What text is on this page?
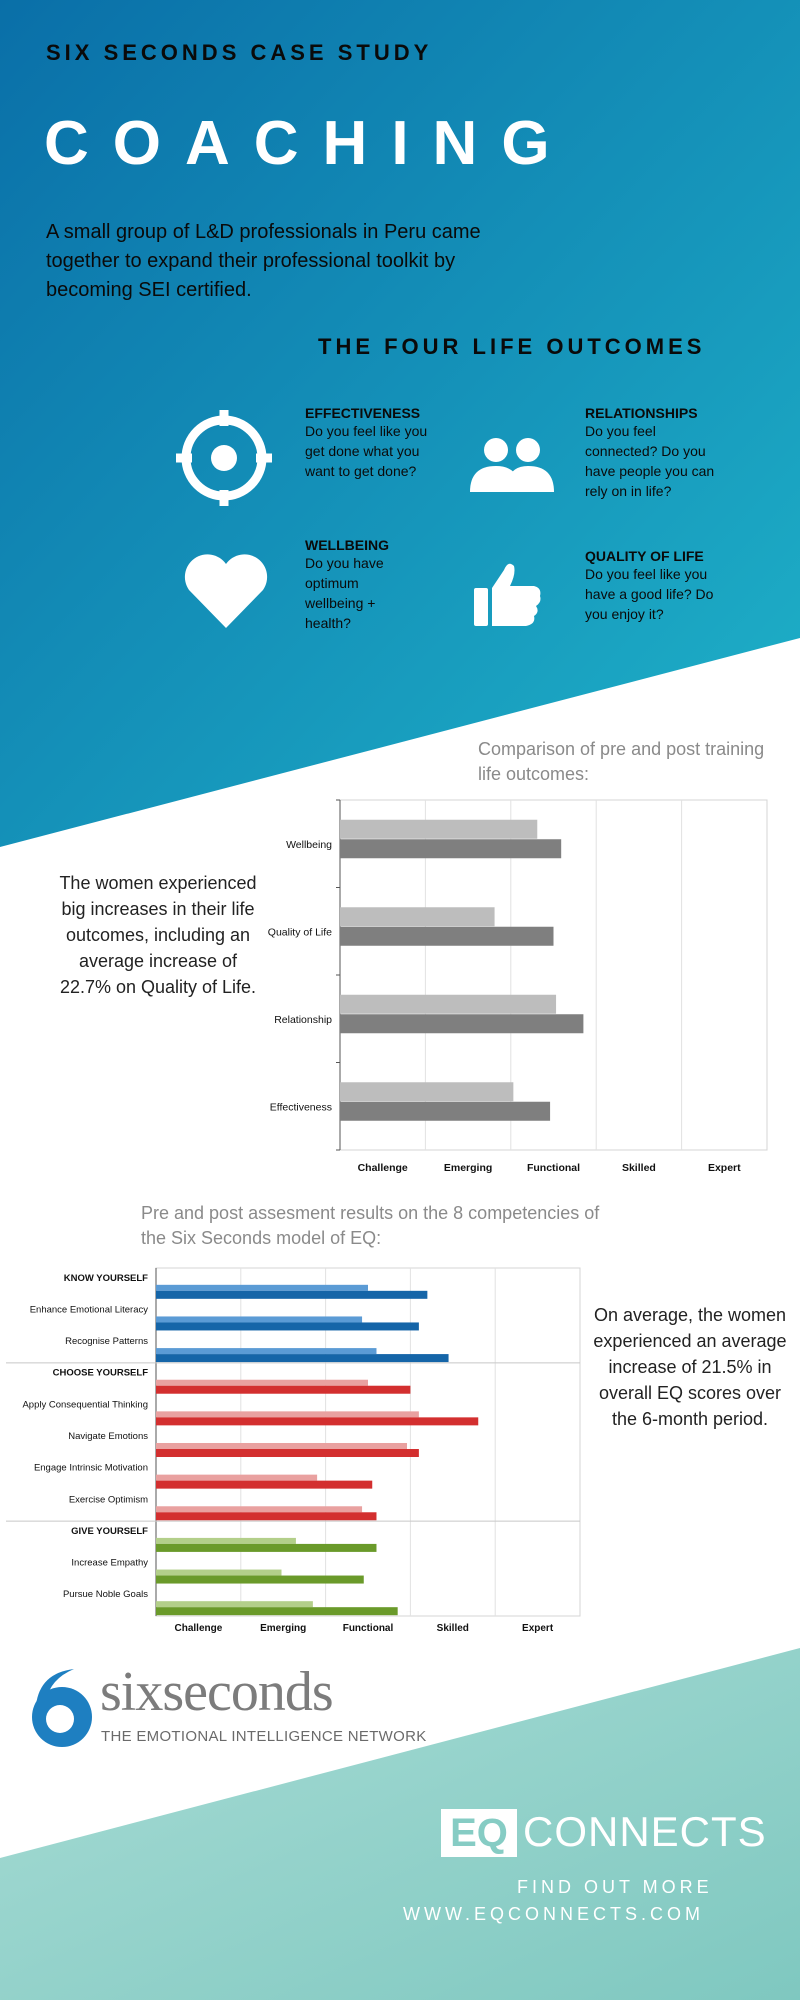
SIX SECONDS CASE STUDY
COACHING
A small group of L&D professionals in Peru came together to expand their professional toolkit by becoming SEI certified.
THE FOUR LIFE OUTCOMES
EFFECTIVENESS
Do you feel like you get done what you want to get done?
RELATIONSHIPS
Do you feel connected? Do you have people you can rely on in life?
WELLBEING
Do you have optimum wellbeing + health?
QUALITY OF LIFE
Do you feel like you have a good life? Do you enjoy it?
Comparison of pre and post training life outcomes:
The women experienced big increases in their life outcomes, including an average increase of 22.7% on Quality of Life.
Wellbeing
Quality of Life
Relationship
Effectiveness
Challenge	Emerging	Functional	Skilled	Expert
Pre and post assesment results on the 8 competencies of the Six Seconds model of EQ:
On average, the women experienced an average increase of 21.5% in overall EQ scores over the 6-month period.
KNOW YOURSELF
Enhance Emotional Literacy
Recognise Patterns
CHOOSE YOURSELF
Apply Consequential Thinking
Navigate Emotions
Engage Intrinsic Motivation
Exercise Optimism
GIVE YOURSELF
Increase Empathy
Pursue Noble Goals
Challenge	Emerging	Functional	Skilled	Expert
sixseconds
THE EMOTIONAL INTELLIGENCE NETWORK
EQ CONNECTS
FIND OUT MORE
WWW.EQCONNECTS.COM
